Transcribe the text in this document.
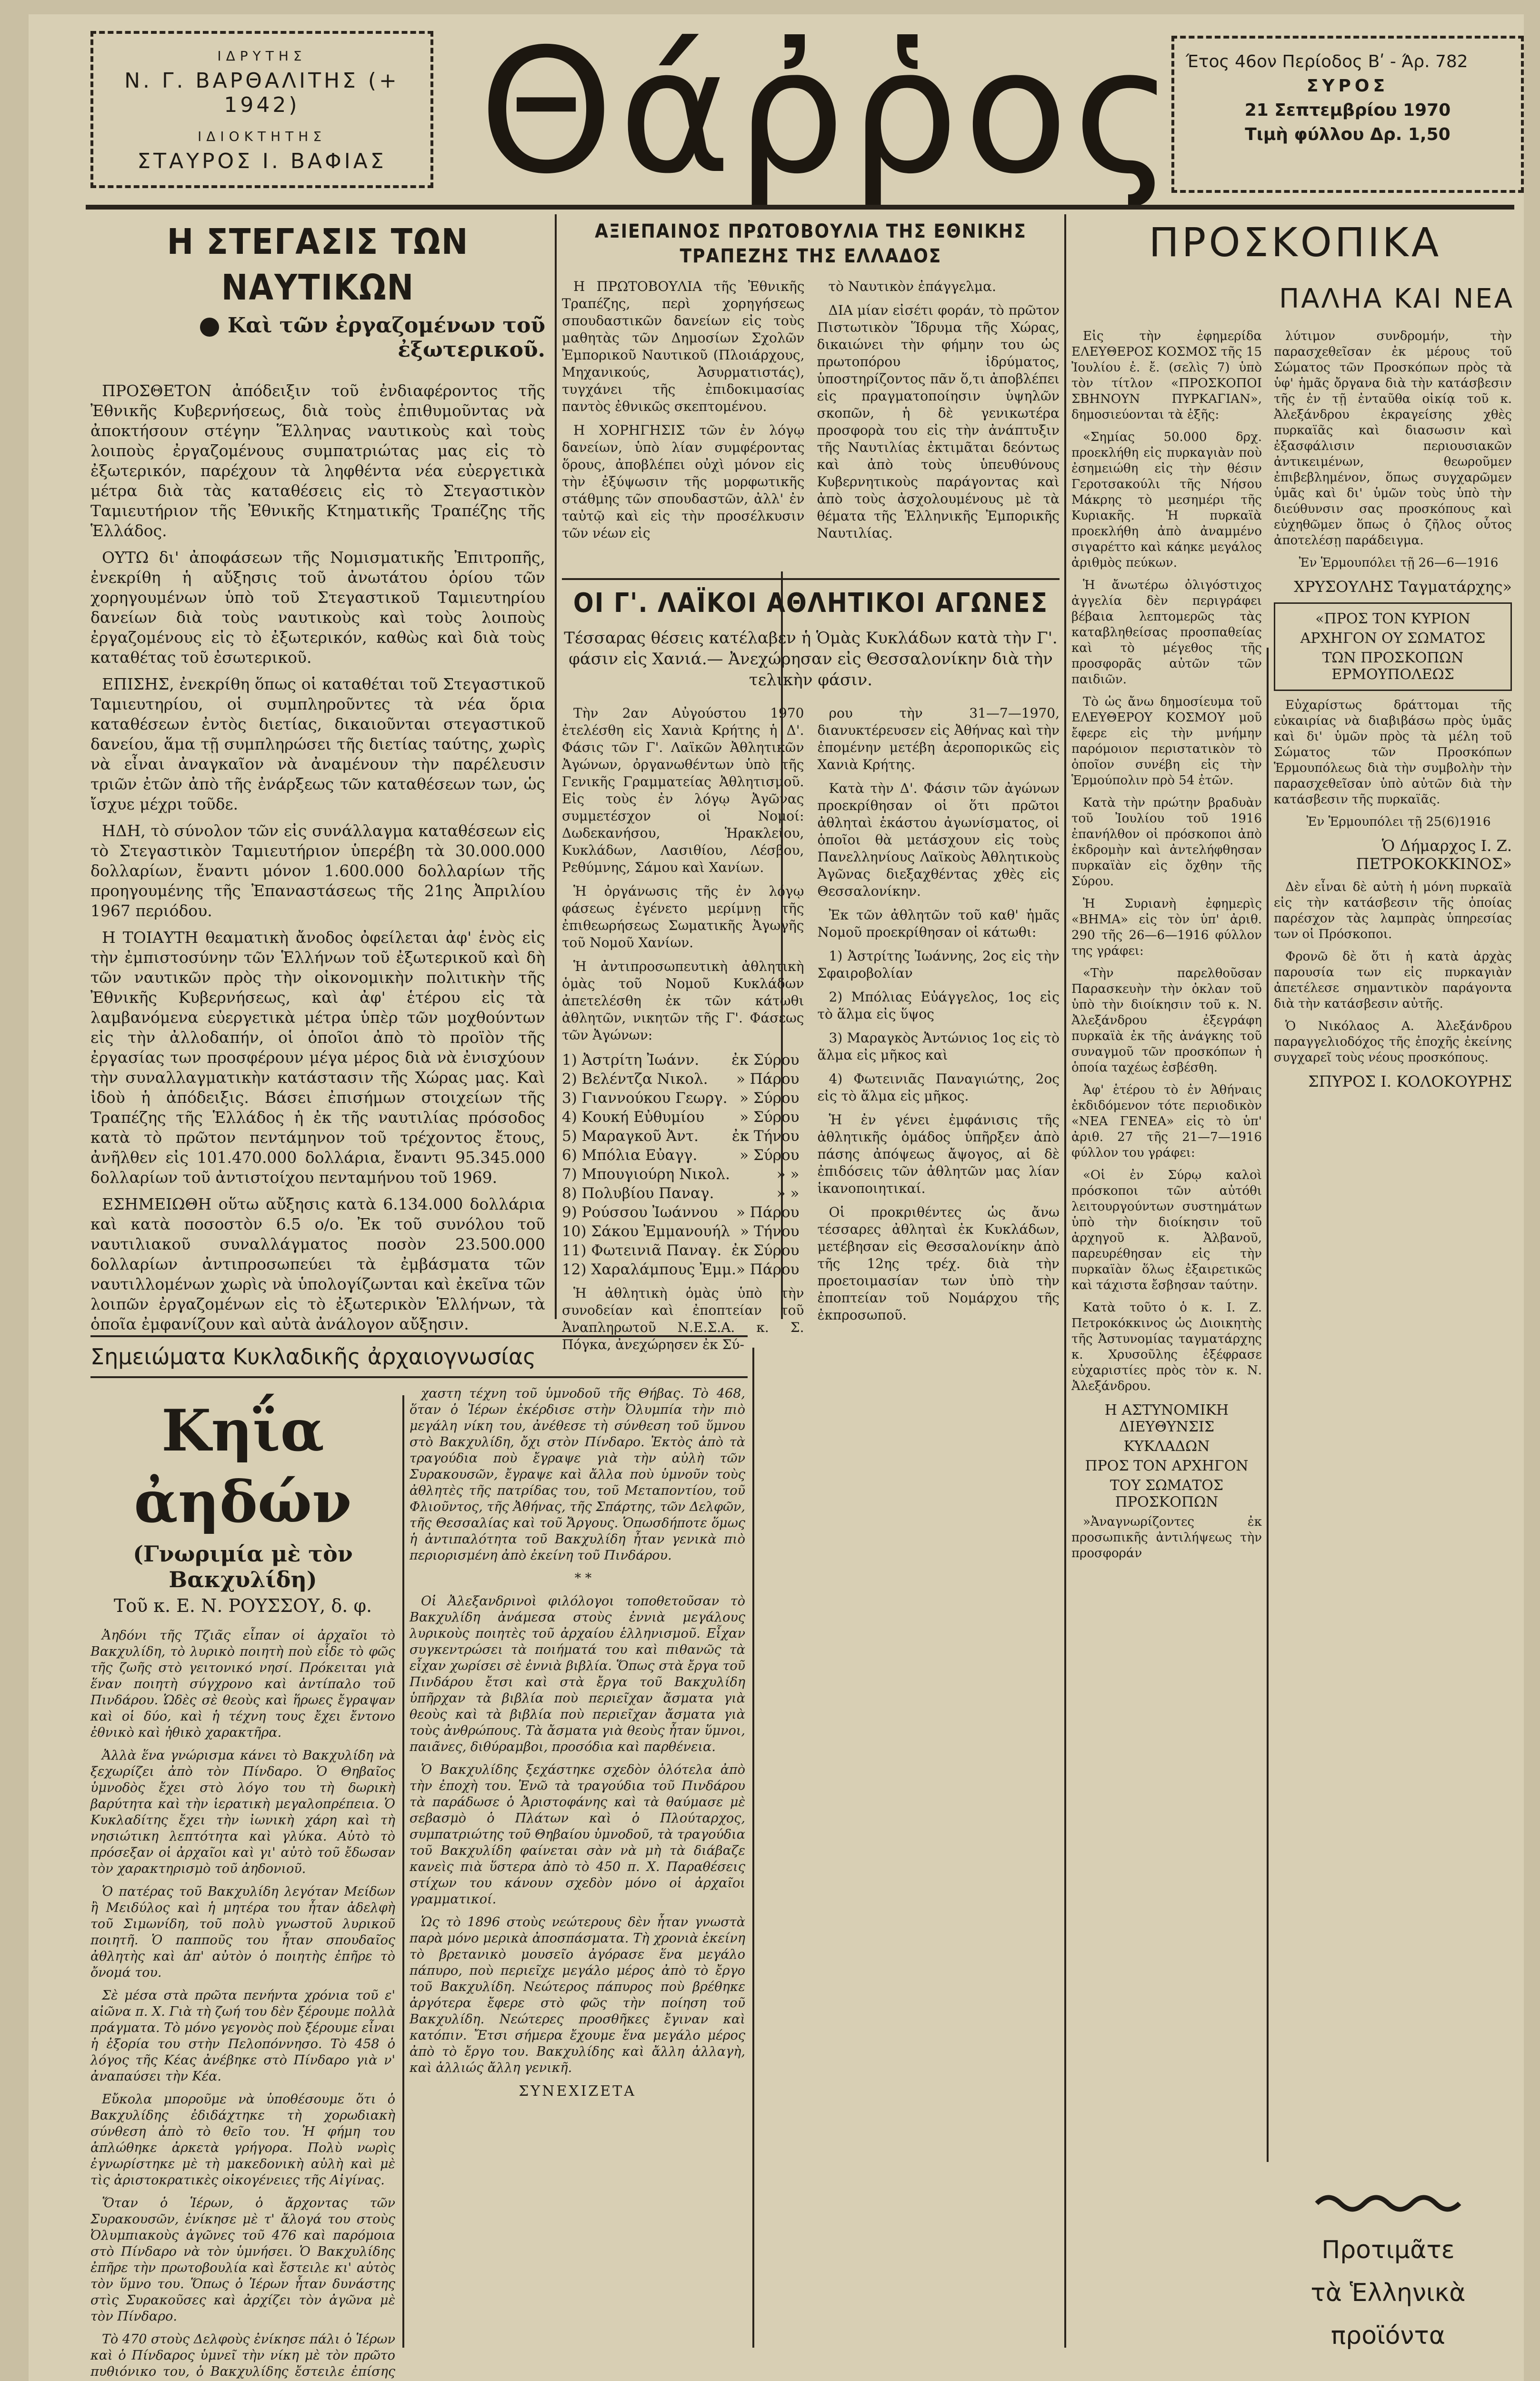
ΙΔΡΥΤΗΣ
Ν. Γ. ΒΑΡΘΑΛΙΤΗΣ (+ 1942)
ΙΔΙΟΚΤΗΤΗΣ
ΣΤΑΥΡΟΣ Ι. ΒΑΦΙΑΣ Θάῤῥος Έτος 46ον Περίοδος Βʹ - Άρ. 782
ΣΥΡΟΣ
21 Σεπτεμβρίου 1970
Τιμὴ φύλλου Δρ. 1,50
Η ΣΤΕΓΑΣΙΣ ΤΩΝ ΝΑΥΤΙΚΩΝ
Καὶ τῶν ἐργαζομένων τοῦ ἐξωτερικοῦ.

ΠΡΟΣΘΕΤΟΝ ἀπόδειξιν τοῦ ἐνδιαφέροντος τῆς Ἐθνικῆς Κυβερνήσεως, διὰ τοὺς ἐπιθυμοῦντας νὰ ἀποκτήσουν στέγην Ἕλληνας ναυτικοὺς καὶ τοὺς λοιποὺς ἐργαζομένους συμπατριώτας μας εἰς τὸ ἐξωτερικόν, παρέχουν τὰ ληφθέντα νέα εὐεργετικὰ μέτρα διὰ τὰς καταθέσεις εἰς τὸ Στεγαστικὸν Ταμιευτήριον τῆς Ἐθνικῆς Κτηματικῆς Τραπέζης τῆς Ἑλλάδος.

ΟΥΤΩ δι' ἀποφάσεων τῆς Νομισματικῆς Ἐπιτροπῆς, ἐνεκρίθη ἡ αὔξησις τοῦ ἀνωτάτου ὁρίου τῶν χορηγουμένων ὑπὸ τοῦ Στεγαστικοῦ Ταμιευτηρίου δανείων διὰ τοὺς ναυτικοὺς καὶ τοὺς λοιποὺς ἐργαζομένους εἰς τὸ ἐξωτερικόν, καθὼς καὶ διὰ τοὺς καταθέτας τοῦ ἐσωτερικοῦ.

ΕΠΙΣΗΣ, ἐνεκρίθη ὅπως οἱ καταθέται τοῦ Στεγαστικοῦ Ταμιευτηρίου, οἱ συμπληροῦντες τὰ νέα ὅρια καταθέσεων ἐντὸς διετίας, δικαιοῦνται στεγαστικοῦ δανείου, ἅμα τῇ συμπληρώσει τῆς διετίας ταύτης, χωρὶς νὰ εἶναι ἀναγκαῖον νὰ ἀναμένουν τὴν παρέλευσιν τριῶν ἐτῶν ἀπὸ τῆς ἐνάρξεως τῶν καταθέσεων των, ὡς ἴσχυε μέχρι τοῦδε.

ΗΔΗ, τὸ σύνολον τῶν εἰς συνάλλαγμα καταθέσεων εἰς τὸ Στεγαστικὸν Ταμιευτήριον ὑπερέβη τὰ 30.000.000 δολλαρίων, ἔναντι μόνον 1.600.000 δολλαρίων τῆς προηγουμένης τῆς Ἐπαναστάσεως τῆς 21ης Ἀπριλίου 1967 περιόδου.

Η ΤΟΙΑΥΤΗ θεαματικὴ ἄνοδος ὀφείλεται ἀφ' ἑνὸς εἰς τὴν ἐμπιστοσύνην τῶν Ἑλλήνων τοῦ ἐξωτερικοῦ καὶ δὴ τῶν ναυτικῶν πρὸς τὴν οἰκονομικὴν πολιτικὴν τῆς Ἐθνικῆς Κυβερνήσεως, καὶ ἀφ' ἑτέρου εἰς τὰ λαμβανόμενα εὐεργετικὰ μέτρα ὑπὲρ τῶν μοχθούντων εἰς τὴν ἀλλοδαπήν, οἱ ὁποῖοι ἀπὸ τὸ προϊὸν τῆς ἐργασίας των προσφέρουν μέγα μέρος διὰ νὰ ἐνισχύουν τὴν συναλλαγματικὴν κατάστασιν τῆς Χώρας μας. Καὶ ἰδοὺ ἡ ἀπόδειξις. Βάσει ἐπισήμων στοιχείων τῆς Τραπέζης τῆς Ἑλλάδος ἡ ἐκ τῆς ναυτιλίας πρόσοδος κατὰ τὸ πρῶτον πεντάμηνον τοῦ τρέχοντος ἔτους, ἀνῆλθεν εἰς 101.470.000 δολλάρια, ἔναντι 95.345.000 δολλαρίων τοῦ ἀντιστοίχου πενταμήνου τοῦ 1969.

ΕΣΗΜΕΙΩΘΗ οὕτω αὔξησις κατὰ 6.134.000 δολλάρια καὶ κατὰ ποσοστὸν 6.5 ο/ο. Ἐκ τοῦ συνόλου τοῦ ναυτιλιακοῦ συναλλάγματος ποσὸν 23.500.000 δολλαρίων ἀντιπροσωπεύει τὰ ἐμβάσματα τῶν ναυτιλλομένων χωρὶς νὰ ὑπολογίζωνται καὶ ἐκεῖνα τῶν λοιπῶν ἐργαζομένων εἰς τὸ ἐξωτερικὸν Ἑλλήνων, τὰ ὁποῖα ἐμφανίζουν καὶ αὐτὰ ἀνάλογον αὔξησιν.

ΑΞΙΕΠΑΙΝΟΣ ΠΡΩΤΟΒΟΥΛΙΑ ΤΗΣ ΕΘΝΙΚΗΣ ΤΡΑΠΕΖΗΣ ΤΗΣ ΕΛΛΑΔΟΣ

Η ΠΡΩΤΟΒΟΥΛΙΑ τῆς Ἐθνικῆς Τραπέζης, περὶ χορηγήσεως σπουδαστικῶν δανείων εἰς τοὺς μαθητὰς τῶν Δημοσίων Σχολῶν Ἐμπορικοῦ Ναυτικοῦ (Πλοιάρχους, Μηχανικούς, Ἀσυρματιστάς), τυγχάνει τῆς ἐπιδοκιμασίας παντὸς ἐθνικῶς σκεπτομένου.

Η ΧΟΡΗΓΗΣΙΣ τῶν ἐν λόγῳ δανείων, ὑπὸ λίαν συμφέροντας ὅρους, ἀποβλέπει οὐχὶ μόνον εἰς τὴν ἐξύψωσιν τῆς μορφωτικῆς στάθμης τῶν σπουδαστῶν, ἀλλ' ἐν ταὐτῷ καὶ εἰς τὴν προσέλκυσιν τῶν νέων εἰς

τὸ Ναυτικὸν ἐπάγγελμα.

ΔΙΑ μίαν εἰσέτι φοράν, τὸ πρῶτον Πιστωτικὸν Ἵδρυμα τῆς Χώρας, δικαιώνει τὴν φήμην του ὡς πρωτοπόρου ἱδρύματος, ὑποστηρίζοντος πᾶν ὅ,τι ἀποβλέπει εἰς πραγματοποίησιν ὑψηλῶν σκοπῶν, ἡ δὲ γενικωτέρα προσφορὰ του εἰς τὴν ἀνάπτυξιν τῆς Ναυτιλίας ἐκτιμᾶται δεόντως καὶ ἀπὸ τοὺς ὑπευθύνους Κυβερνητικοὺς παράγοντας καὶ ἀπὸ τοὺς ἀσχολουμένους μὲ τὰ θέματα τῆς Ἑλληνικῆς Ἐμπορικῆς Ναυτιλίας.

ΟΙ Γ'. ΛΑΪΚΟΙ ΑΘΛΗΤΙΚΟΙ ΑΓΩΝΕΣ
Τέσσαρας θέσεις κατέλαβεν ἡ Ὁμὰς Κυκλάδων κατὰ τὴν Γ'. φάσιν εἰς Χανιά.— Ἀνεχώρησαν εἰς Θεσσαλονίκην διὰ τὴν τελικὴν φάσιν.

Τὴν 2αν Αὐγούστου 1970 ἐτελέσθη εἰς Χανιὰ Κρήτης ἡ Δ'. Φάσις τῶν Γ'. Λαϊκῶν Ἀθλητικῶν Ἀγώνων, ὀργανωθέντων ὑπὸ τῆς Γενικῆς Γραμματείας Ἀθλητισμοῦ. Εἰς τοὺς ἐν λόγῳ Ἀγῶνας συμμετέσχον οἱ Νομοί: Δωδεκανήσου, Ἡρακλείου, Κυκλάδων, Λασιθίου, Λέσβου, Ρεθύμνης, Σάμου καὶ Χανίων.

Ἡ ὀργάνωσις τῆς ἐν λόγῳ φάσεως ἐγένετο μερίμνῃ τῆς ἐπιθεωρήσεως Σωματικῆς Ἀγωγῆς τοῦ Νομοῦ Χανίων.

Ἡ ἀντιπροσωπευτικὴ ἀθλητικὴ ὁμὰς τοῦ Νομοῦ Κυκλάδων ἀπετελέσθη ἐκ τῶν κάτωθι ἀθλητῶν, νικητῶν τῆς Γ'. Φάσεως τῶν Ἀγώνων:

1) Ἀστρίτη Ἰωάνν. ἐκ Σύρου
2) Βελέντζα Νικολ. » Πάρου
3) Γιαννούκου Γεωργ. » Σύρου
4) Κουκή Εὐθυμίου » Σύρου
5) Μαραγκοῦ Ἀντ. ἐκ Τήνου
6) Μπόλια Εὐαγγ.	» Σύρου
7) Μπουγιούρη Νικολ.	» »
8) Πολυβίου Παναγ.	» »
9) Ρούσσου Ἰωάννου » Πάρου
10) Σάκου Ἐμμανουήλ » Τήνου
11) Φωτεινιᾶ Παναγ. ἐκ Σύρου
12) Χαραλάμπους Ἐμμ. » Πάρου

Ἡ ἀθλητικὴ ὁμὰς ὑπὸ τὴν συνοδείαν καὶ ἐποπτείαν τοῦ Ἀναπληρωτοῦ Ν.Ε.Σ.Α. κ. Σ. Πόγκα, ἀνεχώρησεν ἐκ Σύ-

ρου τὴν 31—7—1970, διανυκτέρευσεν εἰς Ἀθήνας καὶ τὴν ἐπομένην μετέβη ἀεροπορικῶς εἰς Χανιὰ Κρήτης.

Κατὰ τὴν Δ'. Φάσιν τῶν ἀγώνων προεκρίθησαν οἱ ὅτι πρῶτοι ἀθληταὶ ἑκάστου ἀγωνίσματος, οἱ ὁποῖοι θὰ μετάσχουν εἰς τοὺς Πανελληνίους Λαϊκοὺς Ἀθλητικοὺς Ἀγῶνας διεξαχθέντας χθὲς εἰς Θεσσαλονίκην.

Ἐκ τῶν ἀθλητῶν τοῦ καθ' ἡμᾶς Νομοῦ προεκρίθησαν οἱ κάτωθι:

1) Ἀστρίτης Ἰωάννης, 2ος εἰς τὴν Σφαιροβολίαν

2) Μπόλιας Εὐάγγελος, 1ος εἰς τὸ ἅλμα εἰς ὕψος

3) Μαραγκὸς Ἀντώνιος 1ος εἰς τὸ ἅλμα εἰς μῆκος καὶ

4) Φωτεινιᾶς Παναγιώτης, 2ος εἰς τὸ ἅλμα εἰς μῆκος.

Ἡ ἐν γένει ἐμφάνισις τῆς ἀθλητικῆς ὁμάδος ὑπῆρξεν ἀπὸ πάσης ἀπόψεως ἄψογος, αἱ δὲ ἐπιδόσεις τῶν ἀθλητῶν μας λίαν ἱκανοποιητικαί.

Οἱ προκριθέντες ὡς ἄνω τέσσαρες ἀθληταὶ ἐκ Κυκλάδων, μετέβησαν εἰς Θεσσαλονίκην ἀπὸ τῆς 12ης τρέχ. διὰ τὴν προετοιμασίαν των ὑπὸ τὴν ἐποπτείαν τοῦ Νομάρχου τῆς ἐκπροσωποῦ.

ΠΡΟΣΚΟΠΙΚΑ
ΠΑΛΗΑ ΚΑΙ ΝΕΑ

Εἰς τὴν ἐφημερίδα ΕΛΕΥΘΕΡΟΣ ΚΟΣΜΟΣ τῆς 15 Ἰουλίου ἐ. ἔ. (σελὶς 7) ὑπὸ τὸν τίτλον «ΠΡΟΣΚΟΠΟΙ ΣΒΗΝΟΥΝ ΠΥΡΚΑΓΙΑΝ», δημοσιεύονται τὰ ἑξῆς:

«Σημίας 50.000 δρχ. προεκλήθη εἰς πυρκαγιὰν ποὺ ἐσημειώθη εἰς τὴν θέσιν Γεροτσακούλι τῆς Νήσου Μάκρης τὸ μεσημέρι τῆς Κυριακῆς. Ἡ πυρκαϊὰ προεκλήθη ἀπὸ ἀναμμένο σιγαρέττο καὶ κάηκε μεγάλος ἀριθμὸς πεύκων.

Ἡ ἄνωτέρω ὀλιγόστιχος ἀγγελία δὲν περιγράφει βέβαια λεπτομερῶς τὰς καταβληθείσας προσπαθείας καὶ τὸ μέγεθος τῆς προσφορᾶς αὐτῶν τῶν παιδιῶν.

Τὸ ὡς ἄνω δημοσίευμα τοῦ ΕΛΕΥΘΕΡΟΥ ΚΟΣΜΟΥ μοῦ ἔφερε εἰς τὴν μνήμην παρόμοιον περιστατικὸν τὸ ὁποῖον συνέβη εἰς τὴν Ἑρμούπολιν πρὸ 54 ἐτῶν.

Κατὰ τὴν πρώτην βραδυὰν τοῦ Ἰουλίου τοῦ 1916 ἐπανήλθον οἱ πρόσκοποι ἀπὸ ἐκδρομὴν καὶ ἀντελήφθησαν πυρκαϊὰν εἰς ὄχθην τῆς Σύρου.

Ἡ Συριανὴ ἐφημερὶς «ΒΗΜΑ» εἰς τὸν ὑπ' ἀριθ. 290 τῆς 26—6—1916 φύλλον της γράφει:

«Τὴν παρελθοῦσαν Παρασκευὴν τὴν ὀκλαν τοῦ ὑπὸ τὴν διοίκησιν τοῦ κ. Ν. Ἀλεξάνδρου ἐξεγράφη πυρκαϊὰ ἐκ τῆς ἀνάγκης τοῦ συναγμοῦ τῶν προσκόπων ἡ ὁποία ταχέως ἐσβέσθη.

Ἀφ' ἑτέρου τὸ ἐν Ἀθήναις ἐκδιδόμενον τότε περιοδικὸν «ΝΕΑ ΓΕΝΕΑ» εἰς τὸ ὑπ' ἀριθ. 27 τῆς 21—7—1916 φύλλον του γράφει:

«Οἱ ἐν Σύρῳ καλοὶ πρόσκοποι τῶν αὐτόθι λειτουργούντων συστημάτων ὑπὸ τὴν διοίκησιν τοῦ ἀρχηγοῦ κ. Ἀλβανοῦ, παρευρέθησαν εἰς τὴν πυρκαϊὰν ὅλως ἐξαιρετικῶς καὶ τάχιστα ἔσβησαν ταύτην.

Κατὰ τοῦτο ὁ κ. Ι. Ζ. Πετροκόκκινος ὡς Διοικητὴς τῆς Ἀστυνομίας ταγματάρχης κ. Χρυσοῦλης ἐξέφρασε εὐχαριστίες πρὸς τὸν κ. Ν. Ἀλεξάνδρου.

Η ΑΣΤΥΝΟΜΙΚΗ ΔΙΕΥΘΥΝΣΙΣ
ΚΥΚΛΑΔΩΝ
ΠΡΟΣ ΤΟΝ ΑΡΧΗΓΟΝ
ΤΟΥ ΣΩΜΑΤΟΣ ΠΡΟΣΚΟΠΩΝ

»Ἀναγνωρίζοντες ἐκ προσωπικῆς ἀντιλήψεως τὴν προσφοράν

λύτιμον συνδρομήν, τὴν παρασχεθεῖσαν ἐκ μέρους τοῦ Σώματος τῶν Προσκόπων πρὸς τὰ ὑφ' ἡμᾶς ὄργανα διὰ τὴν κατάσβεσιν τῆς ἐν τῇ ἐνταῦθα οἰκίᾳ τοῦ κ. Ἀλεξάνδρου ἐκραγείσης χθὲς πυρκαϊᾶς καὶ διασωσιν καὶ ἐξασφάλισιν περιουσιακῶν ἀντικειμένων, θεωροῦμεν ἐπιβεβλημένον, ὅπως συγχαρῶμεν ὑμᾶς καὶ δι' ὑμῶν τοὺς ὑπὸ τὴν διεύθυνσιν σας προσκόπους καὶ εὐχηθῶμεν ὅπως ὁ ζῆλος οὗτος ἀποτελέσῃ παράδειγμα.

Ἐν Ἑρμουπόλει τῇ 26—6—1916

ΧΡΥΣΟΥΛΗΣ Ταγματάρχης»
«ΠΡΟΣ ΤΟΝ ΚΥΡΙΟΝ
ΑΡΧΗΓΟΝ ΟΥ ΣΩΜΑΤΟΣ
ΤΩΝ ΠΡΟΣΚΟΠΩΝ ΕΡΜΟΥΠΟΛΕΩΣ

Εὐχαρίστως δράττομαι τῆς εὐκαιρίας νὰ διαβιβάσω πρὸς ὑμᾶς καὶ δι' ὑμῶν πρὸς τὰ μέλη τοῦ Σώματος τῶν Προσκόπων Ἑρμουπόλεως διὰ τὴν συμβολὴν τὴν παρασχεθεῖσαν ὑπὸ αὐτῶν διὰ τὴν κατάσβεσιν τῆς πυρκαϊᾶς.

Ἐν Ἑρμουπόλει τῇ 25(6)1916

Ὁ Δήμαρχος Ι. Ζ. ΠΕΤΡΟΚΟΚΚΙΝΟΣ»

Δὲν εἶναι δὲ αὐτὴ ἡ μόνη πυρκαϊὰ εἰς τὴν κατάσβεσιν τῆς ὁποίας παρέσχον τὰς λαμπρὰς ὑπηρεσίας των οἱ Πρόσκοποι.

Φρονῶ δὲ ὅτι ἡ κατὰ ἀρχὰς παρουσία των εἰς πυρκαγιὰν ἀπετέλεσε σημαντικὸν παράγοντα διὰ τὴν κατάσβεσιν αὐτῆς.

Ὁ Νικόλαος Α. Ἀλεξάνδρου παραγγελιοδόχος τῆς ἐποχῆς ἐκείνης συγχαρεῖ τοὺς νέους προσκόπους.

ΣΠΥΡΟΣ Ι. ΚΟΛΟΚΟΥΡΗΣ
Σημειώματα Κυκλαδικῆς ἀρχαιογνωσίας
Κηΐα ἀηδών
(Γνωριμία μὲ τὸν Βακχυλίδη)
Τοῦ κ. Ε. Ν. ΡΟΥΣΣΟΥ, δ. φ.

Ἀηδόνι τῆς Τζιᾶς εἶπαν οἱ ἀρχαῖοι τὸ Βακχυλίδη, τὸ λυρικὸ ποιητὴ ποὺ εἶδε τὸ φῶς τῆς ζωῆς στὸ γειτονικό νησί. Πρόκειται γιὰ ἕναν ποιητὴ σύγχρονο καὶ ἀντίπαλο τοῦ Πινδάρου. Ὡδὲς σὲ θεοὺς καὶ ἥρωες ἔγραψαν καὶ οἱ δύο, καὶ ἡ τέχνη τους ἔχει ἔντονο ἐθνικὸ καὶ ἠθικὸ χαρακτῆρα.

Ἀλλὰ ἕνα γνώρισμα κάνει τὸ Βακχυλίδη νὰ ξεχωρίζει ἀπὸ τὸν Πίνδαρο. Ὁ Θηβαῖος ὑμνοδὸς ἔχει στὸ λόγο του τὴ δωρικὴ βαρύτητα καὶ τὴν ἱερατικὴ μεγαλοπρέπεια. Ὁ Κυκλαδίτης ἔχει τὴν ἰωνικὴ χάρη καὶ τὴ νησιώτικη λεπτότητα καὶ γλύκα. Αὐτὸ τὸ πρόσεξαν οἱ ἀρχαῖοι καὶ γι' αὐτὸ τοῦ ἔδωσαν τὸν χαρακτηρισμὸ τοῦ ἀηδονιοῦ.

Ὁ πατέρας τοῦ Βακχυλίδη λεγόταν Μείδων ἢ Μειδύλος καὶ ἡ μητέρα του ἦταν ἀδελφὴ τοῦ Σιμωνίδη, τοῦ πολὺ γνωστοῦ λυρικοῦ ποιητῆ. Ὁ παπποῦς του ἦταν σπουδαῖος ἀθλητὴς καὶ ἀπ' αὐτὸν ὁ ποιητὴς ἐπῆρε τὸ ὄνομά του.

Σὲ μέσα στὰ πρῶτα πενήντα χρόνια τοῦ ε' αἰῶνα π. Χ. Γιὰ τὴ ζωή του δὲν ξέρουμε πολλὰ πράγματα. Τὸ μόνο γεγονὸς ποὺ ξέρουμε εἶναι ἡ ἐξορία του στὴν Πελοπόννησο. Τὸ 458 ὁ λόγος τῆς Κέας ἀνέβηκε στὸ Πίνδαρο γιὰ ν' ἀναπαύσει τὴν Κέα.

Εὔκολα μποροῦμε νὰ ὑποθέσουμε ὅτι ὁ Βακχυλίδης ἐδιδάχτηκε τὴ χορωδιακὴ σύνθεση ἀπὸ τὸ θεῖο του. Ἡ φήμη του ἁπλώθηκε ἀρκετὰ γρήγορα. Πολὺ νωρὶς ἐγνωρίστηκε μὲ τὴ μακεδονικὴ αὐλὴ καὶ μὲ τὶς ἀριστοκρατικὲς οἰκογένειες τῆς Αἰγίνας.

Ὅταν ὁ Ἱέρων, ὁ ἄρχοντας τῶν Συρακουσῶν, ἐνίκησε μὲ τ' ἄλογά του στοὺς Ὀλυμπιακοὺς ἀγῶνες τοῦ 476 καὶ παρόμοια στὸ Πίνδαρο νὰ τὸν ὑμνήσει. Ὁ Βακχυλίδης ἐπῆρε τὴν πρωτοβουλία καὶ ἔστειλε κι' αὐτὸς τὸν ὕμνο του. Ὅπως ὁ Ἱέρων ἦταν δυνάστης στὶς Συρακοῦσες καὶ ἀρχίζει τὸν ἀγῶνα μὲ τὸν Πίνδαρο.

Τὸ 470 στοὺς Δελφοὺς ἐνίκησε πάλι ὁ Ἱέρων καὶ ὁ Πίνδαρος ὑμνεῖ τὴν νίκη μὲ τὸν πρῶτο πυθιόνικο του, ὁ Βακχυλίδης ἔστειλε ἐπίσης

χαστη τέχνη τοῦ ὑμνοδοῦ τῆς Θήβας. Τὸ 468, ὅταν ὁ Ἱέρων ἐκέρδισε στὴν Ὀλυμπία τὴν πιὸ μεγάλη νίκη του, ἀνέθεσε τὴ σύνθεση τοῦ ὕμνου στὸ Βακχυλίδη, ὄχι στὸν Πίνδαρο. Ἐκτὸς ἀπὸ τὰ τραγούδια ποὺ ἔγραψε γιὰ τὴν αὐλὴ τῶν Συρακουσῶν, ἔγραψε καὶ ἄλλα ποὺ ὑμνοῦν τοὺς ἀθλητὲς τῆς πατρίδας του, τοῦ Μεταποντίου, τοῦ Φλιοῦντος, τῆς Ἀθήνας, τῆς Σπάρτης, τῶν Δελφῶν, τῆς Θεσσαλίας καὶ τοῦ Ἄργους. Ὁπωσδήποτε ὅμως ἡ ἀντιπαλότητα τοῦ Βακχυλίδη ἦταν γενικὰ πιὸ περιορισμένη ἀπὸ ἐκείνη τοῦ Πινδάρου.

* *

Οἱ Ἀλεξανδρινοὶ φιλόλογοι τοποθετοῦσαν τὸ Βακχυλίδη ἀνάμεσα στοὺς ἐννιὰ μεγάλους λυρικοὺς ποιητὲς τοῦ ἀρχαίου ἑλληνισμοῦ. Εἶχαν συγκεντρώσει τὰ ποιήματά του καὶ πιθανῶς τὰ εἶχαν χωρίσει σὲ ἐννιὰ βιβλία. Ὅπως στὰ ἔργα τοῦ Πινδάρου ἔτσι καὶ στὰ ἔργα τοῦ Βακχυλίδη ὑπῆρχαν τὰ βιβλία ποὺ περιεῖχαν ἄσματα γιὰ θεοὺς καὶ τὰ βιβλία ποὺ περιεῖχαν ἄσματα γιὰ τοὺς ἀνθρώπους. Τὰ ἄσματα γιὰ θεοὺς ἦταν ὕμνοι, παιᾶνες, διθύραμβοι, προσόδια καὶ παρθένεια.

Ὁ Βακχυλίδης ξεχάστηκε σχεδὸν ὁλότελα ἀπὸ τὴν ἐποχὴ του. Ἐνῶ τὰ τραγούδια τοῦ Πινδάρου τὰ παράδωσε ὁ Ἀριστοφάνης καὶ τὰ θαύμασε μὲ σεβασμὸ ὁ Πλάτων καὶ ὁ Πλούταρχος, συμπατριώτης τοῦ Θηβαίου ὑμνοδοῦ, τὰ τραγούδια τοῦ Βακχυλίδη φαίνεται σὰν νὰ μὴ τὰ διάβαζε κανεὶς πιὰ ὕστερα ἀπὸ τὸ 450 π. Χ. Παραθέσεις στίχων του κάνουν σχεδὸν μόνο οἱ ἀρχαῖοι γραμματικοί.

Ὡς τὸ 1896 στοὺς νεώτερους δὲν ἦταν γνωστὰ παρὰ μόνο μερικὰ ἀποσπάσματα. Τὴ χρονιὰ ἐκείνη τὸ βρετανικὸ μουσεῖο ἀγόρασε ἕνα μεγάλο πάπυρο, ποὺ περιεῖχε μεγάλο μέρος ἀπὸ τὸ ἔργο τοῦ Βακχυλίδη. Νεώτερος πάπυρος ποὺ βρέθηκε ἀργότερα ἔφερε στὸ φῶς τὴν ποίηση τοῦ Βακχυλίδη. Νεώτερες προσθῆκες ἔγιναν καὶ κατόπιν. Ἔτσι σήμερα ἔχουμε ἕνα μεγάλο μέρος ἀπὸ τὸ ἔργο του. Βακχυλίδης καὶ ἄλλη ἀλλαγὴ, καὶ ἀλλιώς ἄλλη γενικῆ.

ΣΥΝΕΧΙΖΕΤΑ
Προτιμᾶτε
τὰ Ἑλληνικὰ
προϊόντα
